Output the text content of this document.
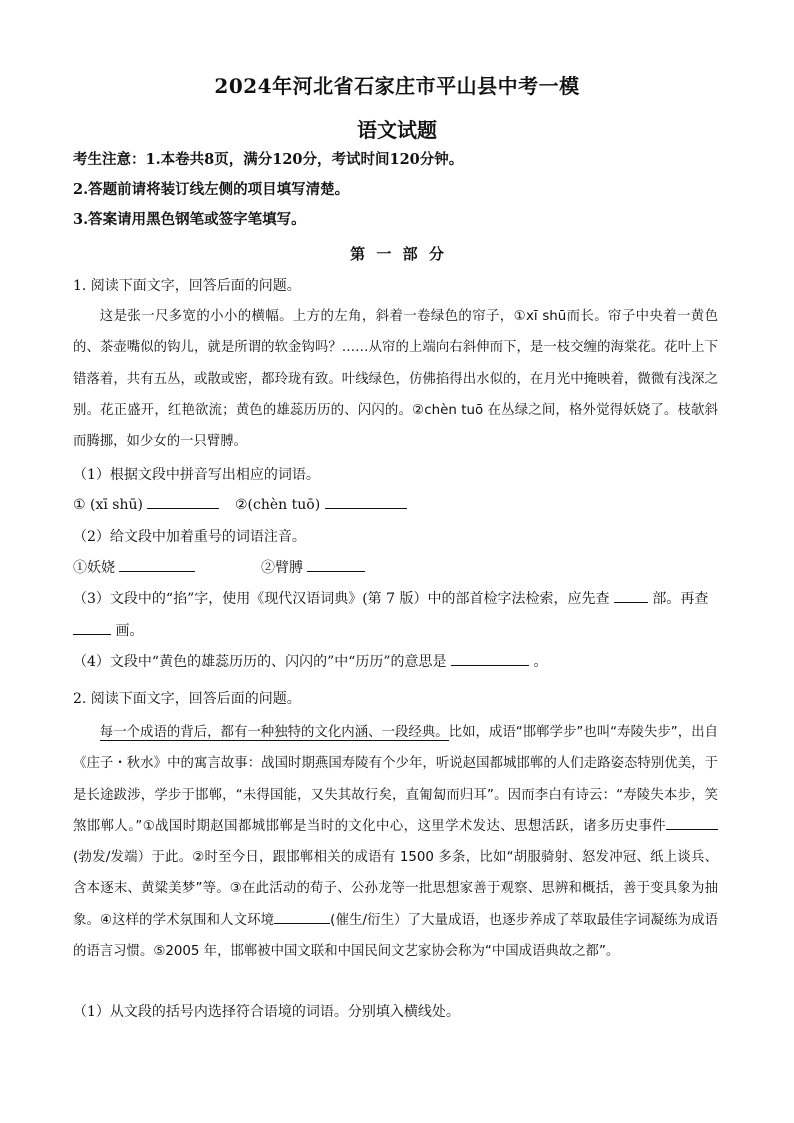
2024年河北省石家庄市平山县中考一模
语文试题
考生注意：1.本卷共8页，满分120分，考试时间120分钟。
2.答题前请将装订线左侧的项目填写清楚。
3.答案请用黑色钢笔或签字笔填写。
第 一 部 分
1. 阅读下面文字，回答后面的问题。
这是张一尺多宽的小小的横幅。上方的左角，斜着一卷绿色的帘子，①xī shū而长。帘子中央着一黄色的、茶壶嘴似的钩儿，就是所谓的软金钩吗？……从帘的上端向右斜伸而下，是一枝交缠的海棠花。花叶上下错落着，共有五丛，或散或密，都玲珑有致。叶线绿色，仿佛掐得出水似的，在月光中掩映着，微微有浅深之别。花正盛开，红艳欲流；黄色的雄蕊历历的、闪闪的。②chèn tuō 在丛绿之间，格外觉得妖娆了。枝欹斜而腾挪，如少女的一只臂膊。
（1）根据文段中拼音写出相应的词语。
① (xī shū)	②(chèn tuō)
（2）给文段中加着重号的词语注音。
①妖娆	②臂膊
（3）文段中的“掐”字，使用《现代汉语词典》(第 7 版）中的部首检字法检索，应先查	部。再查
画。
（4）文段中“黄色的雄蕊历历的、闪闪的”中“历历”的意思是	。
2. 阅读下面文字，回答后面的问题。
每一个成语的背后，都有一种独特的文化内涵、一段经典。比如，成语“邯郸学步”也叫“寿陵失步”，出自《庄子・秋水》中的寓言故事：战国时期燕国寿陵有个少年，听说赵国都城邯郸的人们走路姿态特别优美，于是长途跋涉，学步于邯郸，“未得国能，又失其故行矣，直匍匐而归耳”。因而李白有诗云：“寿陵失本步，笑煞邯郸人。”①战国时期赵国都城邯郸是当时的文化中心，这里学术发达、思想活跃，诸多历史事件(勃发/发端）于此。②时至今日，跟邯郸相关的成语有 1500 多条，比如“胡服骑射、怒发冲冠、纸上谈兵、含本逐末、黄粱美梦”等。③在此活动的荀子、公孙龙等一批思想家善于观察、思辨和概括，善于变具象为抽象。④这样的学术氛围和人文环境	(催生/衍生）了大量成语，也逐步养成了萃取最佳字词凝练为成语的语言习惯。⑤2005 年，邯郸被中国文联和中国民间文艺家协会称为“中国成语典故之都”。
（1）从文段的括号内选择符合语境的词语。分别填入横线处。
